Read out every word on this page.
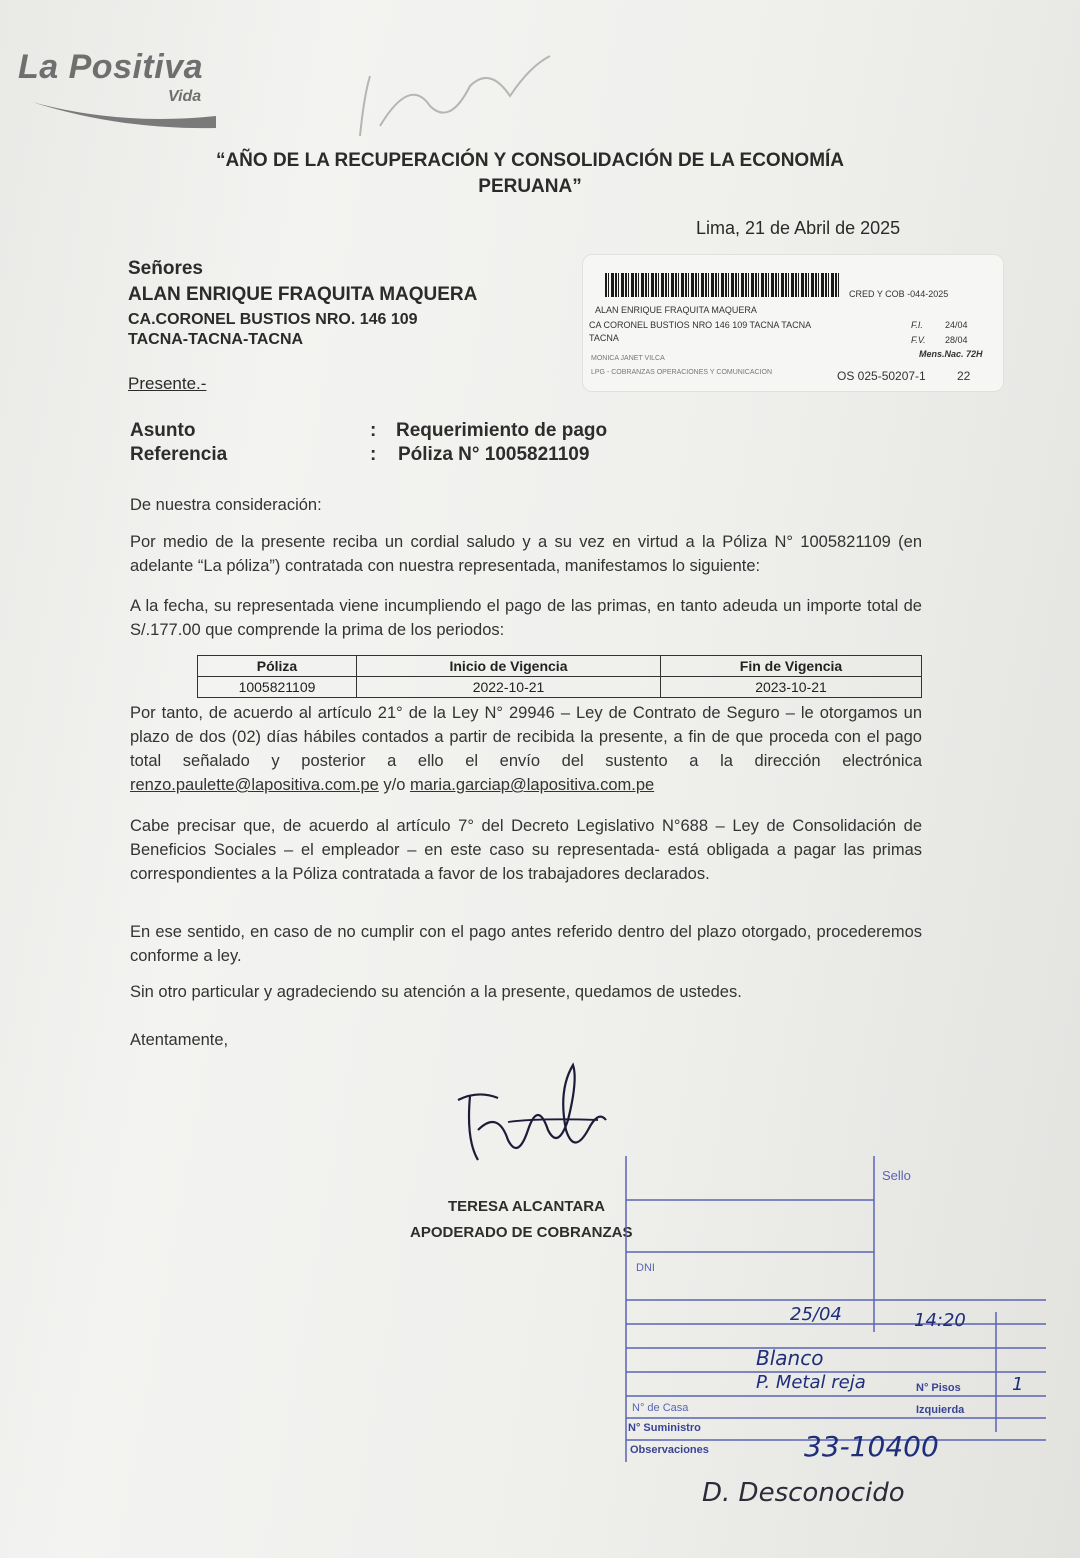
La Positiva
Vida
“AÑO DE LA RECUPERACIÓN Y CONSOLIDACIÓN DE LA ECONOMÍA
PERUANA”
Lima, 21 de Abril de 2025
Señores
ALAN ENRIQUE FRAQUITA MAQUERA
CA.CORONEL BUSTIOS NRO. 146 109
TACNA-TACNA-TACNA
Presente.-
CRED Y COB -044-2025
ALAN ENRIQUE FRAQUITA MAQUERA
CA CORONEL BUSTIOS NRO 146 109 TACNA TACNA
TACNA
F.I. 24/04
F.V. 28/04
Mens.Nac. 72H
MONICA JANET VILCA
LPG - COBRANZAS OPERACIONES Y COMUNICACION	OS 025-50207-1	22
Asunto	: Requerimiento de pago
Referencia	: Póliza N° 1005821109
De nuestra consideración:
Por medio de la presente reciba un cordial saludo y a su vez en virtud a la Póliza N° 1005821109 (en adelante “La póliza”) contratada con nuestra representada, manifestamos lo siguiente:
A la fecha, su representada viene incumpliendo el pago de las primas, en tanto adeuda un importe total de S/.177.00 que comprende la prima de los periodos:
Póliza	Inicio de Vigencia	Fin de Vigencia
1005821109	2022-10-21	2023-10-21
Por tanto, de acuerdo al artículo 21° de la Ley N° 29946 – Ley de Contrato de Seguro – le otorgamos un plazo de dos (02) días hábiles contados a partir de recibida la presente, a fin de que proceda con el pago total señalado y posterior a ello el envío del sustento a la dirección electrónica renzo.paulette@lapositiva.com.pe y/o maria.garciap@lapositiva.com.pe
Cabe precisar que, de acuerdo al artículo 7° del Decreto Legislativo N°688 – Ley de Consolidación de Beneficios Sociales – el empleador – en este caso su representada- está obligada a pagar las primas correspondientes a la Póliza contratada a favor de los trabajadores declarados.
En ese sentido, en caso de no cumplir con el pago antes referido dentro del plazo otorgado, procederemos conforme a ley.
Sin otro particular y agradeciendo su atención a la presente, quedamos de ustedes.
Atentamente,
TERESA ALCANTARA
APODERADO DE COBRANZAS
Sello
DNI
N° de Casa
N° Suministro
Observaciones
N° Pisos
Izquierda
25/04	14:20
Blanco
P. Metal reja	1
33-10400
D. Desconocido
